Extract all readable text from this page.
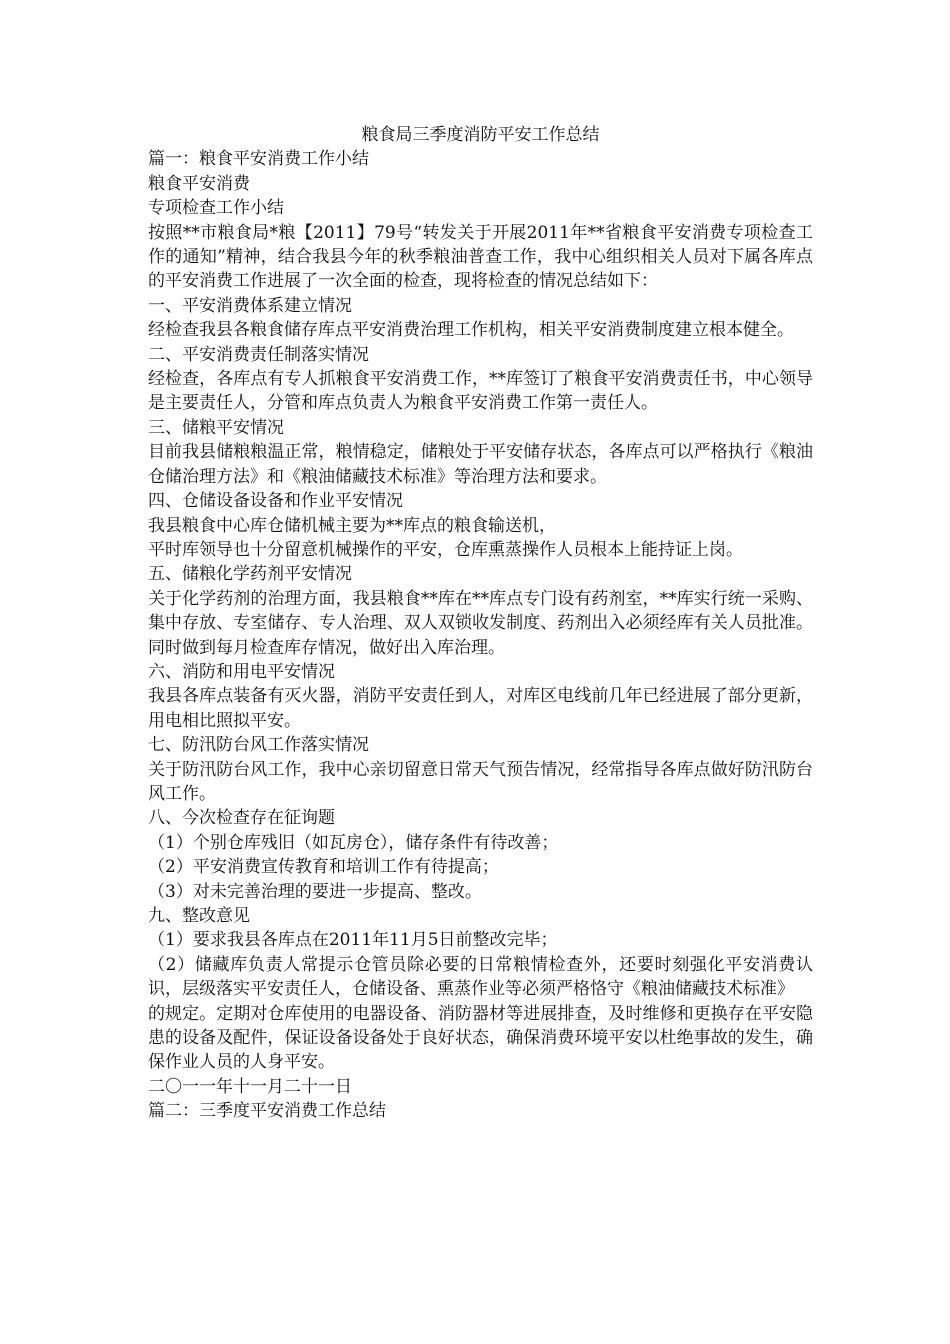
粮食局三季度消防平安工作总结

篇一：粮食平安消费工作小结

粮食平安消费

专项检查工作小结

按照**市粮食局*粮【2011】79号“转发关于开展2011年**省粮食平安消费专项检查工作的通知”精神，结合我县今年的秋季粮油普查工作，我中心组织相关人员对下属各库点的平安消费工作进展了一次全面的检查，现将检查的情况总结如下：

一、平安消费体系建立情况

经检查我县各粮食储存库点平安消费治理工作机构，相关平安消费制度建立根本健全。

二、平安消费责任制落实情况

经检查，各库点有专人抓粮食平安消费工作，**库签订了粮食平安消费责任书，中心领导是主要责任人，分管和库点负责人为粮食平安消费工作第一责任人。

三、储粮平安情况

目前我县储粮粮温正常，粮情稳定，储粮处于平安储存状态，各库点可以严格执行《粮油仓储治理方法》和《粮油储藏技术标准》等治理方法和要求。

四、仓储设备设备和作业平安情况

我县粮食中心库仓储机械主要为**库点的粮食输送机，

平时库领导也十分留意机械操作的平安，仓库熏蒸操作人员根本上能持证上岗。

五、储粮化学药剂平安情况

关于化学药剂的治理方面，我县粮食**库在**库点专门设有药剂室，**库实行统一采购、集中存放、专室储存、专人治理、双人双锁收发制度、药剂出入必须经库有关人员批准。同时做到每月检查库存情况，做好出入库治理。

六、消防和用电平安情况

我县各库点装备有灭火器，消防平安责任到人，对库区电线前几年已经进展了部分更新，用电相比照拟平安。

七、防汛防台风工作落实情况

关于防汛防台风工作，我中心亲切留意日常天气预告情况，经常指导各库点做好防汛防台风工作。

八、今次检查存在征询题

（1）个别仓库残旧（如瓦房仓），储存条件有待改善；

（2）平安消费宣传教育和培训工作有待提高；

（3）对未完善治理的要进一步提高、整改。

九、整改意见

（1）要求我县各库点在2011年11月5日前整改完毕；

（2）储藏库负责人常提示仓管员除必要的日常粮情检查外，还要时刻强化平安消费认识，层级落实平安责任人，仓储设备、熏蒸作业等必须严格恪守《粮油储藏技术标准》

的规定。定期对仓库使用的电器设备、消防器材等进展排查，及时维修和更换存在平安隐患的设备及配件，保证设备设备处于良好状态，确保消费环境平安以杜绝事故的发生，确保作业人员的人身平安。

二〇一一年十一月二十一日

篇二：三季度平安消费工作总结
